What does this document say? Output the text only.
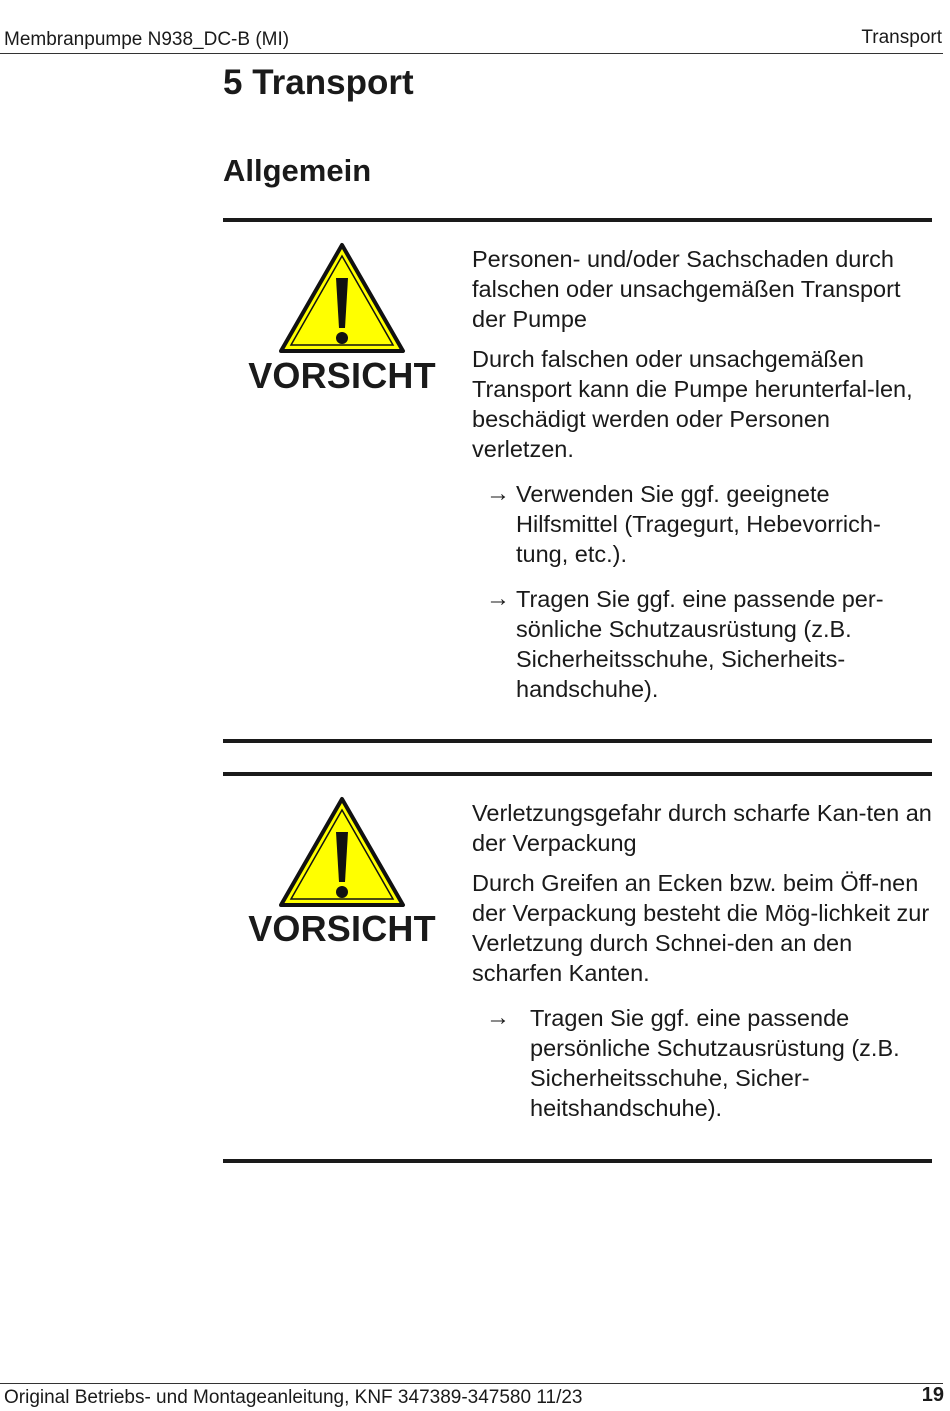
Membranpumpe N938_DC-B (MI)	Transport
5 Transport
Allgemein
VORSICHT

Personen- und/oder Sachschaden durch falschen oder unsachgemäßen Transport der Pumpe

Durch falschen oder unsachgemäßen Transport kann die Pumpe herunterfal-len, beschädigt werden oder Personen verletzen.

→ Verwenden Sie ggf. geeignete Hilfsmittel (Tragegurt, Hebevorrich-tung, etc.).
→ Tragen Sie ggf. eine passende per-sönliche Schutzausrüstung (z.B. Sicherheitsschuhe, Sicherheits-handschuhe).
VORSICHT

Verletzungsgefahr durch scharfe Kan-ten an der Verpackung

Durch Greifen an Ecken bzw. beim Öff-nen der Verpackung besteht die Mög-lichkeit zur Verletzung durch Schnei-den an den scharfen Kanten.

→ Tragen Sie ggf. eine passende persönliche Schutzausrüstung (z.B. Sicherheitsschuhe, Sicher-heitshandschuhe).
Original Betriebs- und Montageanleitung, KNF 347389-347580 11/23	19
